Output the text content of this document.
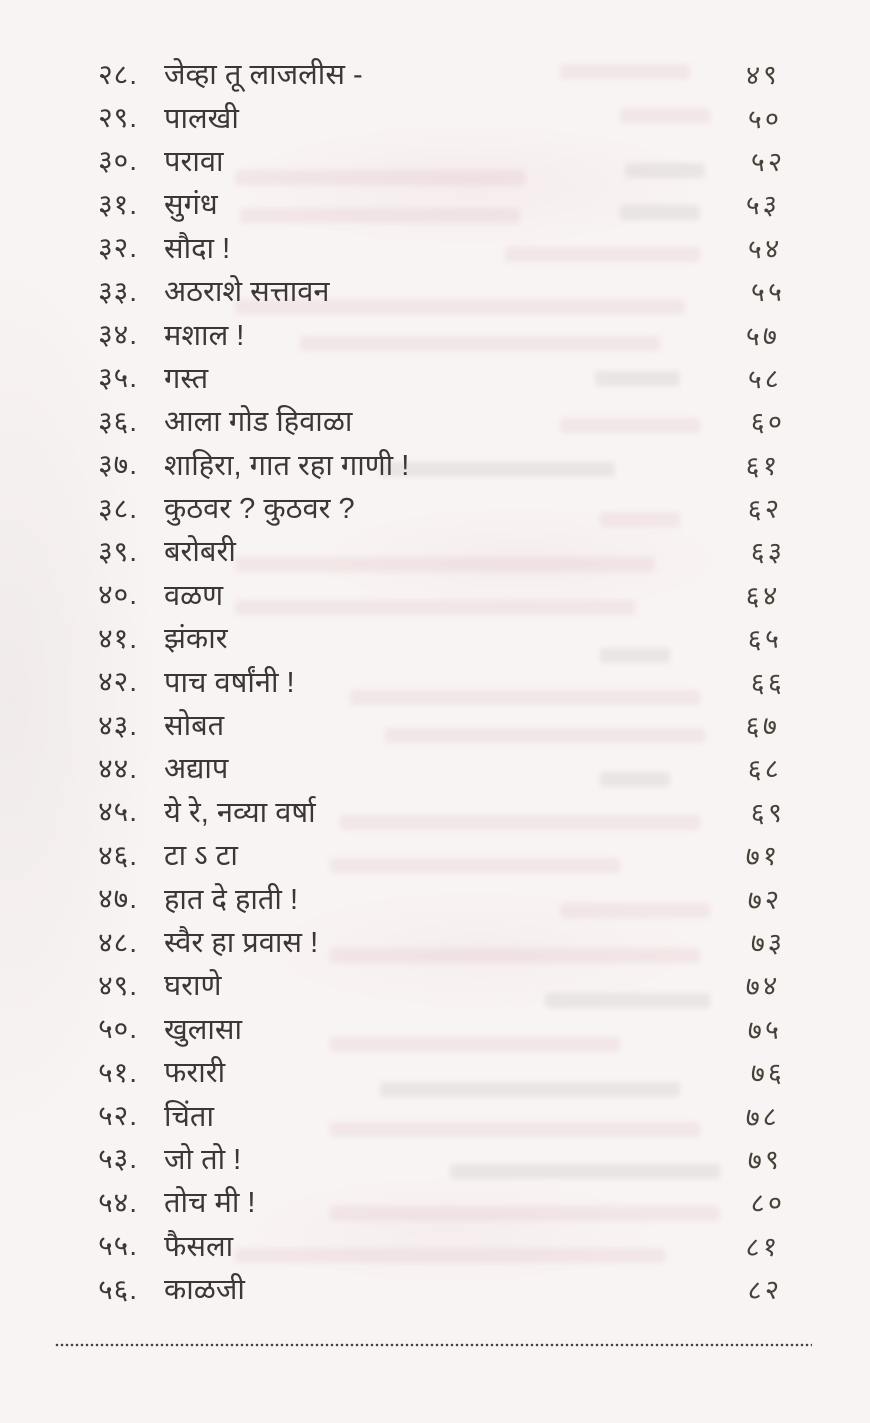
२८. जेव्हा तू लाजलीस -	४९
२९. पालखी	५०
३०. परावा	५२
३१. सुगंध	५३
३२. सौदा !	५४
३३. अठराशे सत्तावन	५५
३४. मशाल !	५७
३५. गस्त	५८
३६. आला गोड हिवाळा	६०
३७. शाहिरा, गात रहा गाणी !	६१
३८. कुठवर ? कुठवर ?	६२
३९. बरोबरी	६३
४०. वळण	६४
४१. झंकार	६५
४२. पाच वर्षांनी !	६६
४३. सोबत	६७
४४. अद्याप	६८
४५. ये रे, नव्या वर्षा	६९
४६. टा ऽ टा	७१
४७. हात दे हाती !	७२
४८. स्वैर हा प्रवास !	७३
४९. घराणे	७४
५०. खुलासा	७५
५१. फरारी	७६
५२. चिंता	७८
५३. जो तो !	७९
५४. तोच मी !	८०
५५. फैसला	८१
५६. काळजी	८२
